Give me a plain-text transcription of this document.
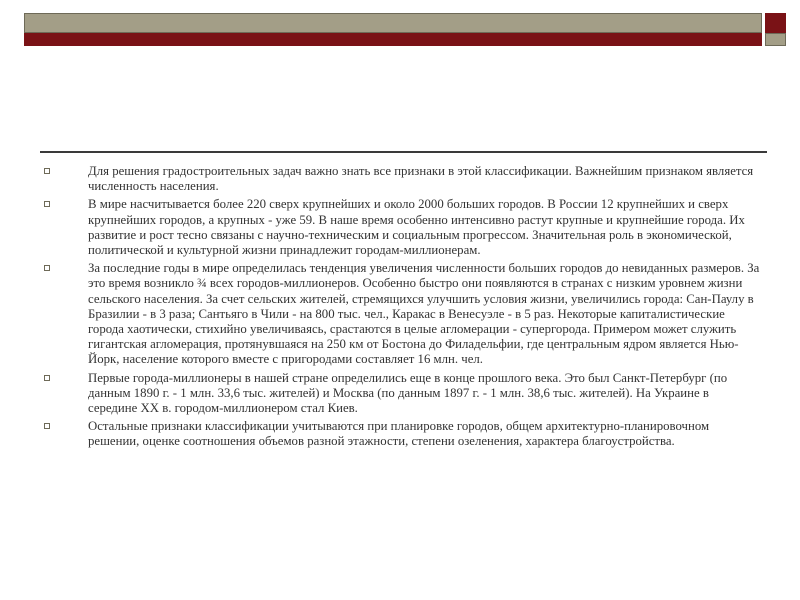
Для решения градостроительных задач важно знать все признаки в этой классификации. Важнейшим признаком является численность населения.
В мире насчитывается более 220 сверх крупнейших и около 2000 больших городов. В России 12 крупнейших и сверх крупнейших городов, а крупных - уже 59. В наше время особенно интенсивно растут крупные и крупнейшие города. Их развитие и рост тесно связаны с научно-техническим и социальным прогрессом. Значительная роль в экономической, политической и культурной жизни принадлежит городам-миллионерам.
За последние годы в мире определилась тенденция увеличения численности больших городов до невиданных размеров. За это время возникло ¾ всех городов-миллионеров. Особенно быстро они появляются в странах с низким уровнем жизни сельского населения. За счет сельских жителей, стремящихся улучшить условия жизни, увеличились города: Сан-Паулу в Бразилии - в 3 раза; Сантьяго в Чили - на 800 тыс. чел., Каракас в Венесуэле - в 5 раз. Некоторые капиталистические города хаотически, стихийно увеличиваясь, срастаются в целые агломерации - супергорода. Примером может служить гигантская агломерация, протянувшаяся на 250 км от Бостона до Филадельфии, где центральным ядром является Нью-Йорк, население которого вместе с пригородами составляет 16 млн. чел.
Первые города-миллионеры в нашей стране определились еще в конце прошлого века. Это был Санкт-Петербург (по данным 1890 г. - 1 млн. 33,6 тыс. жителей) и Москва (по данным 1897 г. - 1 млн. 38,6 тыс. жителей). На Украине в середине XX в. городом-миллионером стал Киев.
Остальные признаки классификации учитываются при планировке городов, общем архитектурно-планировочном решении, оценке соотношения объемов разной этажности, степени озеленения, характера благоустройства.
